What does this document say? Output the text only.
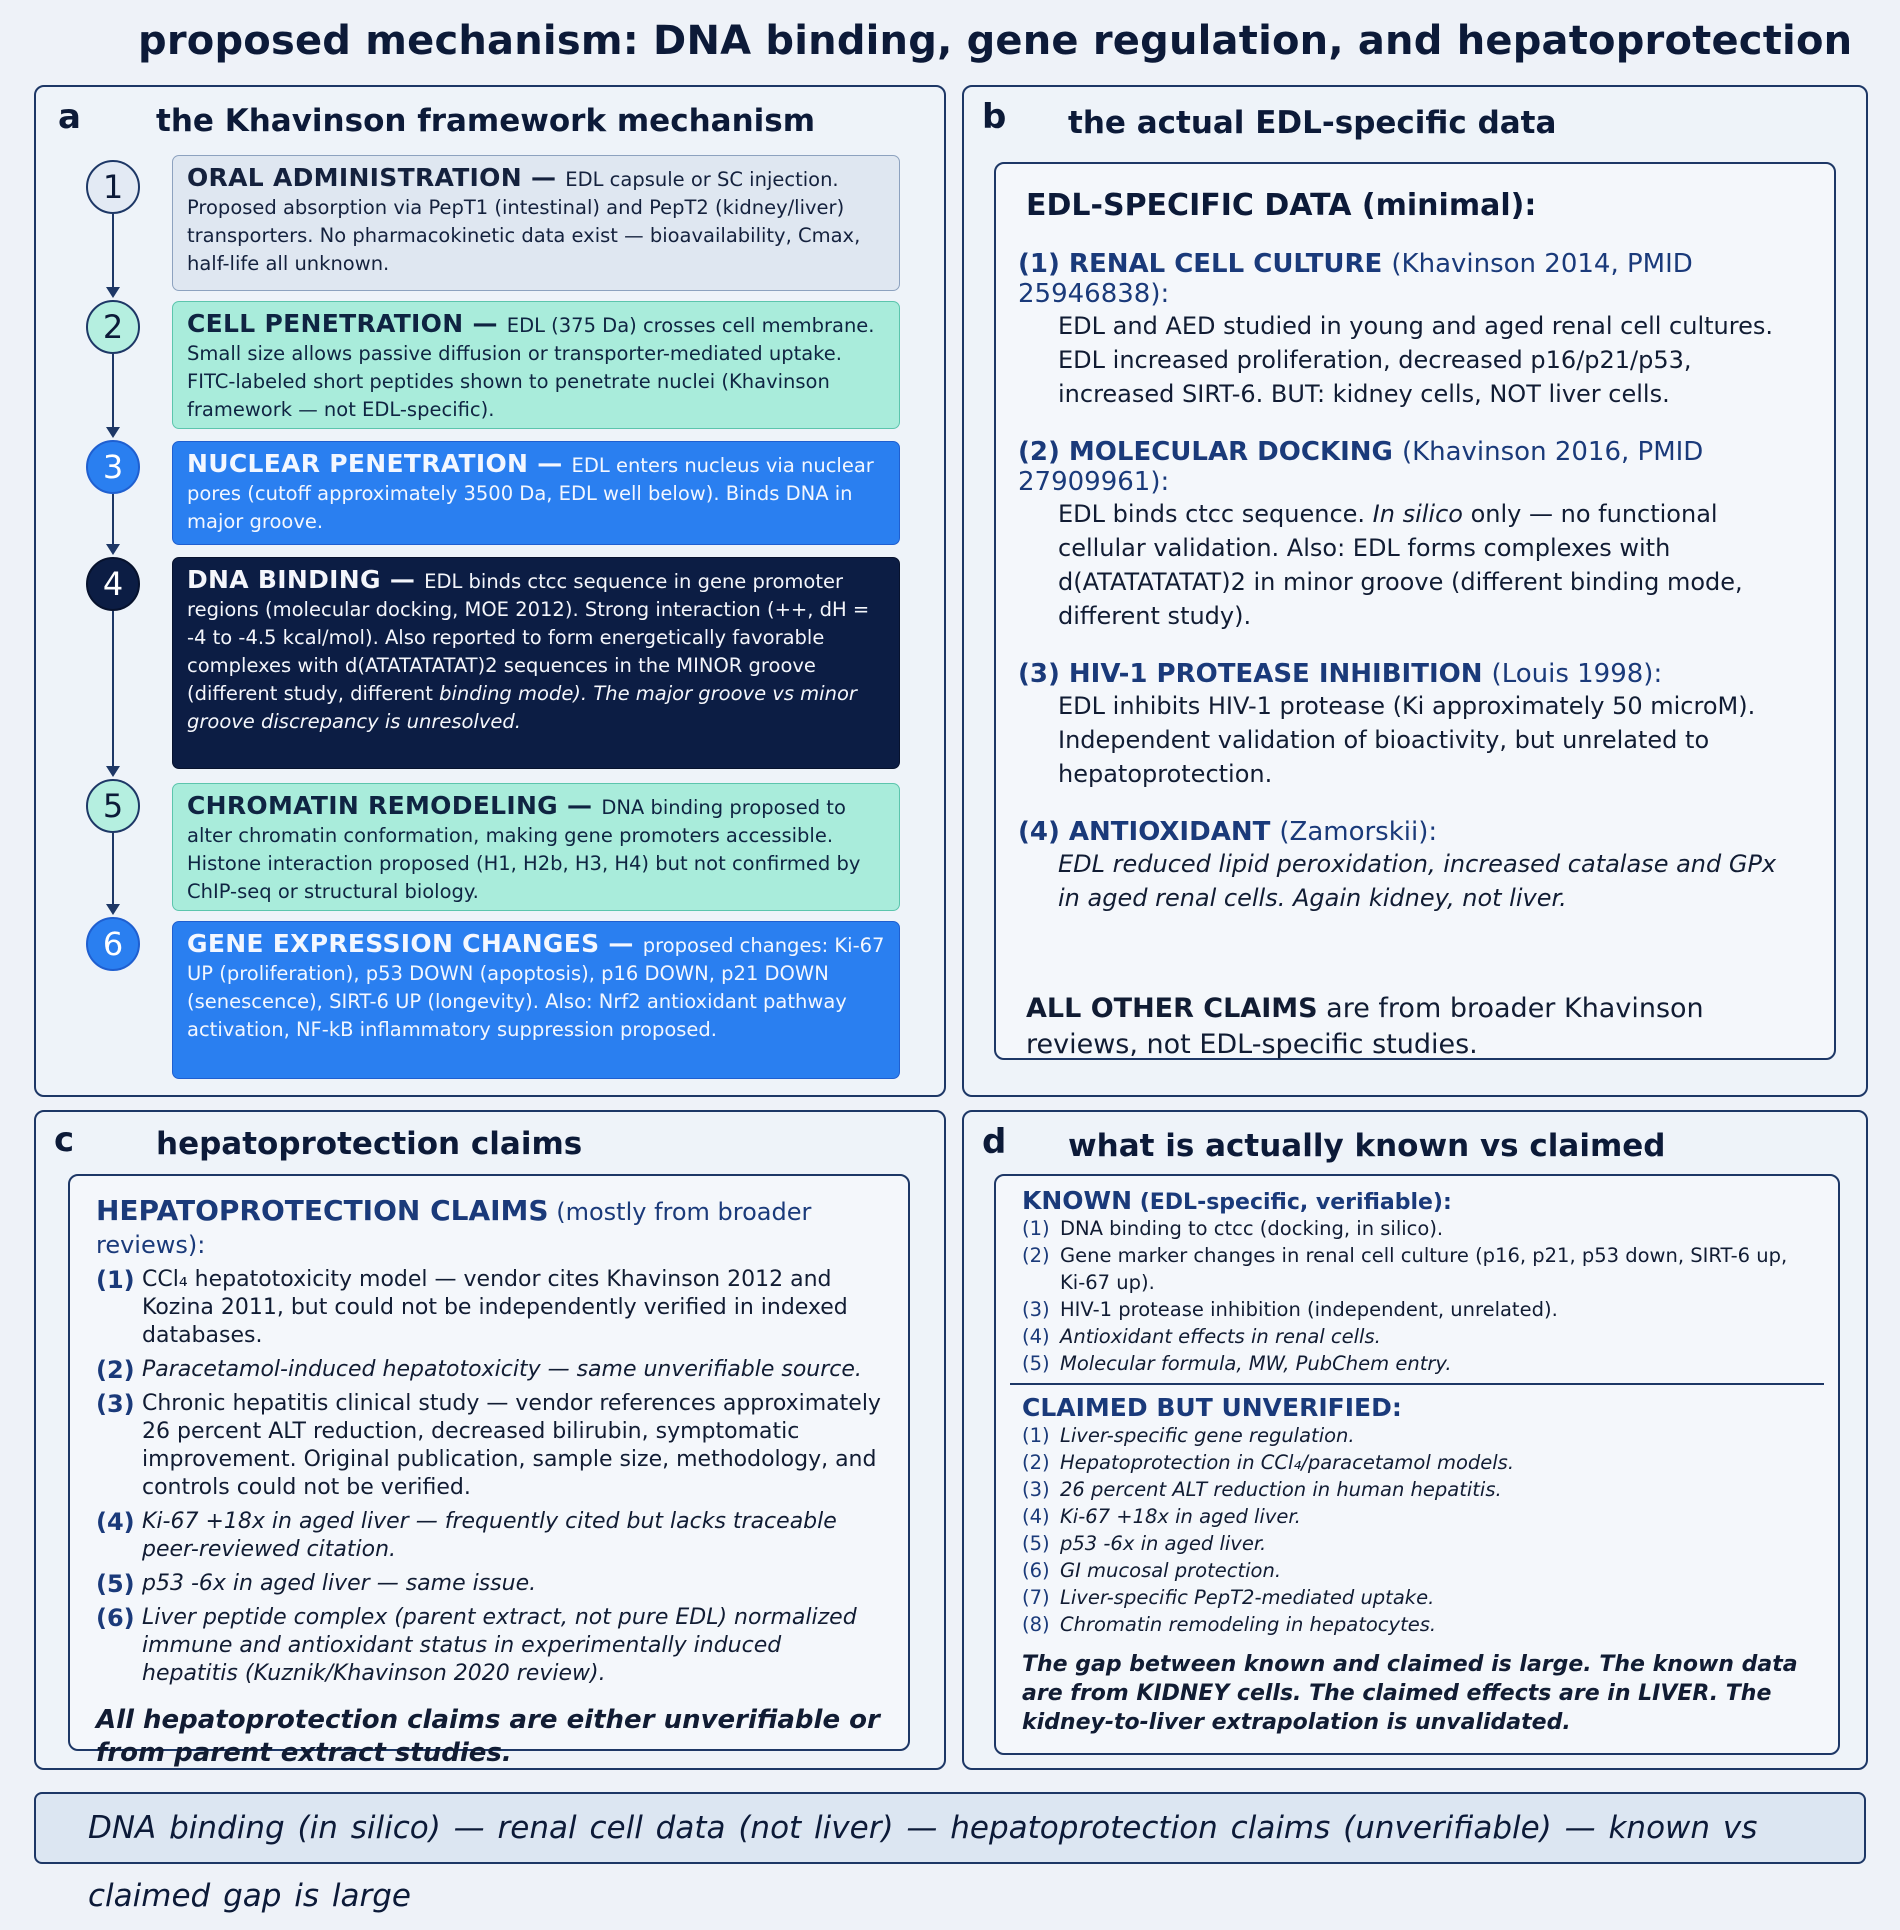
proposed mechanism: DNA binding, gene regulation, and hepatoprotection
a the Khavinson framework mechanism
1
2
3
4
5
6
ORAL ADMINISTRATION — EDL capsule or SC injection. Proposed absorption via PepT1 (intestinal) and PepT2 (kidney/liver) transporters. No pharmacokinetic data exist — bioavailability, Cmax, half-life all unknown.
CELL PENETRATION — EDL (375 Da) crosses cell membrane. Small size allows passive diffusion or transporter-mediated uptake. FITC-labeled short peptides shown to penetrate nuclei (Khavinson framework — not EDL-specific).
NUCLEAR PENETRATION — EDL enters nucleus via nuclear pores (cutoff approximately 3500 Da, EDL well below). Binds DNA in major groove.
DNA BINDING — EDL binds ctcc sequence in gene promoter regions (molecular docking, MOE 2012). Strong interaction (++, dH = -4 to -4.5 kcal/mol). Also reported to form energetically favorable complexes with d(ATATATATAT)2 sequences in the MINOR groove (different study, different binding mode). The major groove vs minor groove discrepancy is unresolved.
CHROMATIN REMODELING — DNA binding proposed to alter chromatin conformation, making gene promoters accessible. Histone interaction proposed (H1, H2b, H3, H4) but not confirmed by ChIP-seq or structural biology.
GENE EXPRESSION CHANGES — proposed changes: Ki-67 UP (proliferation), p53 DOWN (apoptosis), p16 DOWN, p21 DOWN (senescence), SIRT-6 UP (longevity). Also: Nrf2 antioxidant pathway activation, NF-kB inflammatory suppression proposed.
b the actual EDL-specific data
EDL-SPECIFIC DATA (minimal):
(1) RENAL CELL CULTURE (Khavinson 2014, PMID 25946838):
EDL and AED studied in young and aged renal cell cultures. EDL increased proliferation, decreased p16/p21/p53, increased SIRT-6. BUT: kidney cells, NOT liver cells.
(2) MOLECULAR DOCKING (Khavinson 2016, PMID 27909961):
EDL binds ctcc sequence. In silico only — no functional cellular validation. Also: EDL forms complexes with d(ATATATATAT)2 in minor groove (different binding mode, different study).
(3) HIV-1 PROTEASE INHIBITION (Louis 1998):
EDL inhibits HIV-1 protease (Ki approximately 50 microM). Independent validation of bioactivity, but unrelated to hepatoprotection.
(4) ANTIOXIDANT (Zamorskii):
EDL reduced lipid peroxidation, increased catalase and GPx in aged renal cells. Again kidney, not liver.
ALL OTHER CLAIMS are from broader Khavinson reviews, not EDL-specific studies.
c	hepatoprotection claims
HEPATOPROTECTION CLAIMS (mostly from broader reviews):
(1) CCl₄ hepatotoxicity model — vendor cites Khavinson 2012 and Kozina 2011, but could not be independently verified in indexed databases.
(2) Paracetamol-induced hepatotoxicity — same unverifiable source.
(3) Chronic hepatitis clinical study — vendor references approximately 26 percent ALT reduction, decreased bilirubin, symptomatic improvement. Original publication, sample size, methodology, and controls could not be verified.
(4) Ki-67 +18x in aged liver — frequently cited but lacks traceable peer-reviewed citation.
(5) p53 -6x in aged liver — same issue.
(6) Liver peptide complex (parent extract, not pure EDL) normalized immune and antioxidant status in experimentally induced hepatitis (Kuznik/Khavinson 2020 review).
All hepatoprotection claims are either unverifiable or from parent extract studies.
d what is actually known vs claimed
KNOWN (EDL-specific, verifiable):
(1) DNA binding to ctcc (docking, in silico).
(2) Gene marker changes in renal cell culture (p16, p21, p53 down, SIRT-6 up, Ki-67 up).
(3) HIV-1 protease inhibition (independent, unrelated).
(4) Antioxidant effects in renal cells.
(5) Molecular formula, MW, PubChem entry.
CLAIMED BUT UNVERIFIED:
(1) Liver-specific gene regulation.
(2) Hepatoprotection in CCl₄/paracetamol models.
(3) 26 percent ALT reduction in human hepatitis.
(4) Ki-67 +18x in aged liver.
(5) p53 -6x in aged liver.
(6) GI mucosal protection.
(7) Liver-specific PepT2-mediated uptake.
(8) Chromatin remodeling in hepatocytes.
The gap between known and claimed is large. The known data are from KIDNEY cells. The claimed effects are in LIVER. The kidney-to-liver extrapolation is unvalidated.
DNA binding (in silico) — renal cell data (not liver) — hepatoprotection claims (unverifiable) — known vs claimed gap is large
